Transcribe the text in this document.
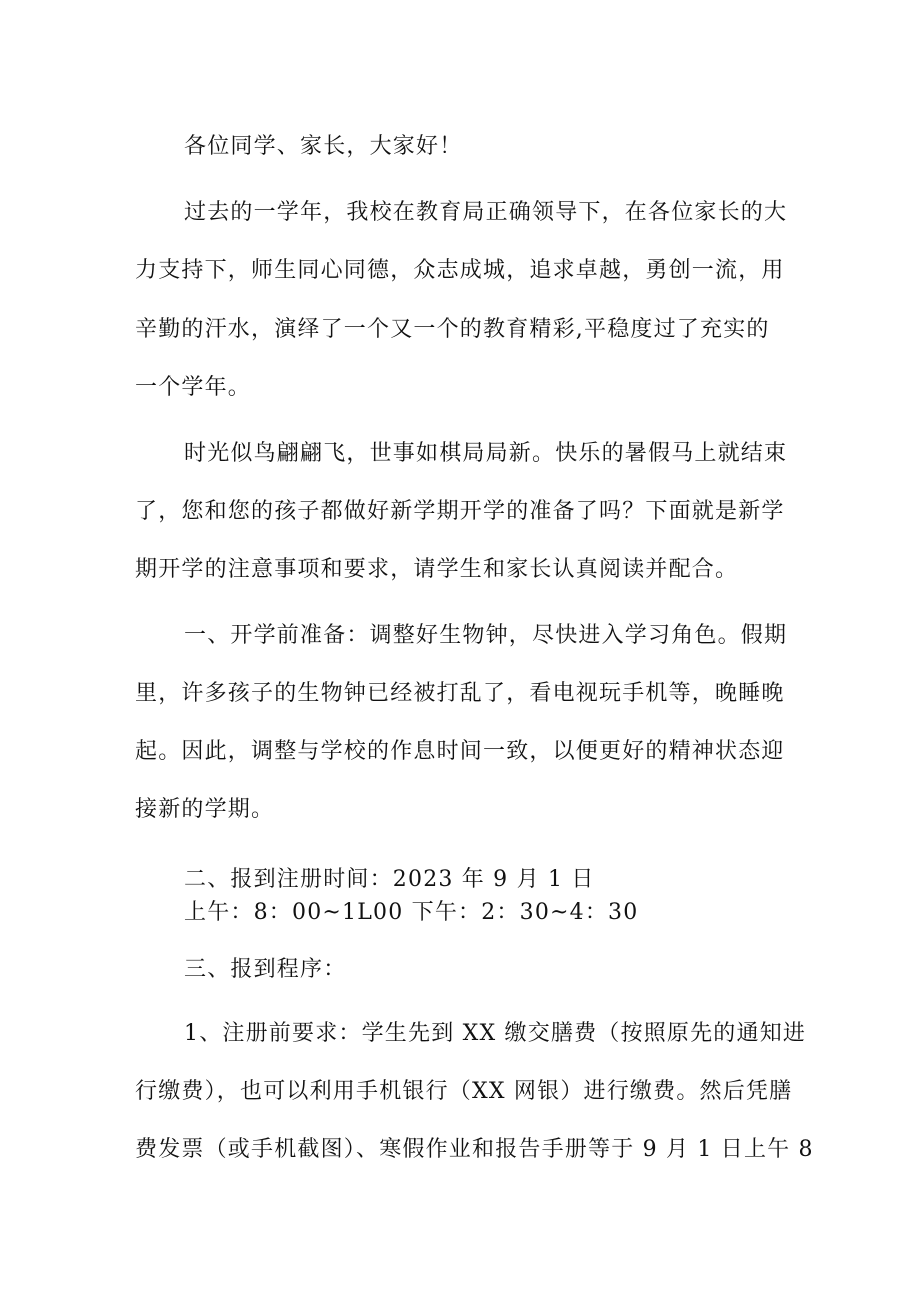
各位同学、家长，大家好！
过去的一学年，我校在教育局正确领导下，在各位家长的大
力支持下，师生同心同德，众志成城，追求卓越，勇创一流，用
辛勤的汗水，演绎了一个又一个的教育精彩,平稳度过了充实的
一个学年。
时光似鸟翩翩飞，世事如棋局局新。快乐的暑假马上就结束
了，您和您的孩子都做好新学期开学的准备了吗？下面就是新学
期开学的注意事项和要求，请学生和家长认真阅读并配合。
一、开学前准备：调整好生物钟，尽快进入学习角色。假期
里，许多孩子的生物钟已经被打乱了，看电视玩手机等，晚睡晚
起。因此，调整与学校的作息时间一致，以便更好的精神状态迎
接新的学期。
二、报到注册时间：2023 年 9 月 1 日
上午：8：00~1L00 下午：2：30~4：30
三、报到程序：
1、注册前要求：学生先到 XX 缴交膳费（按照原先的通知进
行缴费），也可以利用手机银行（XX 网银）进行缴费。然后凭膳
费发票（或手机截图）、寒假作业和报告手册等于 9 月 1 日上午 8
